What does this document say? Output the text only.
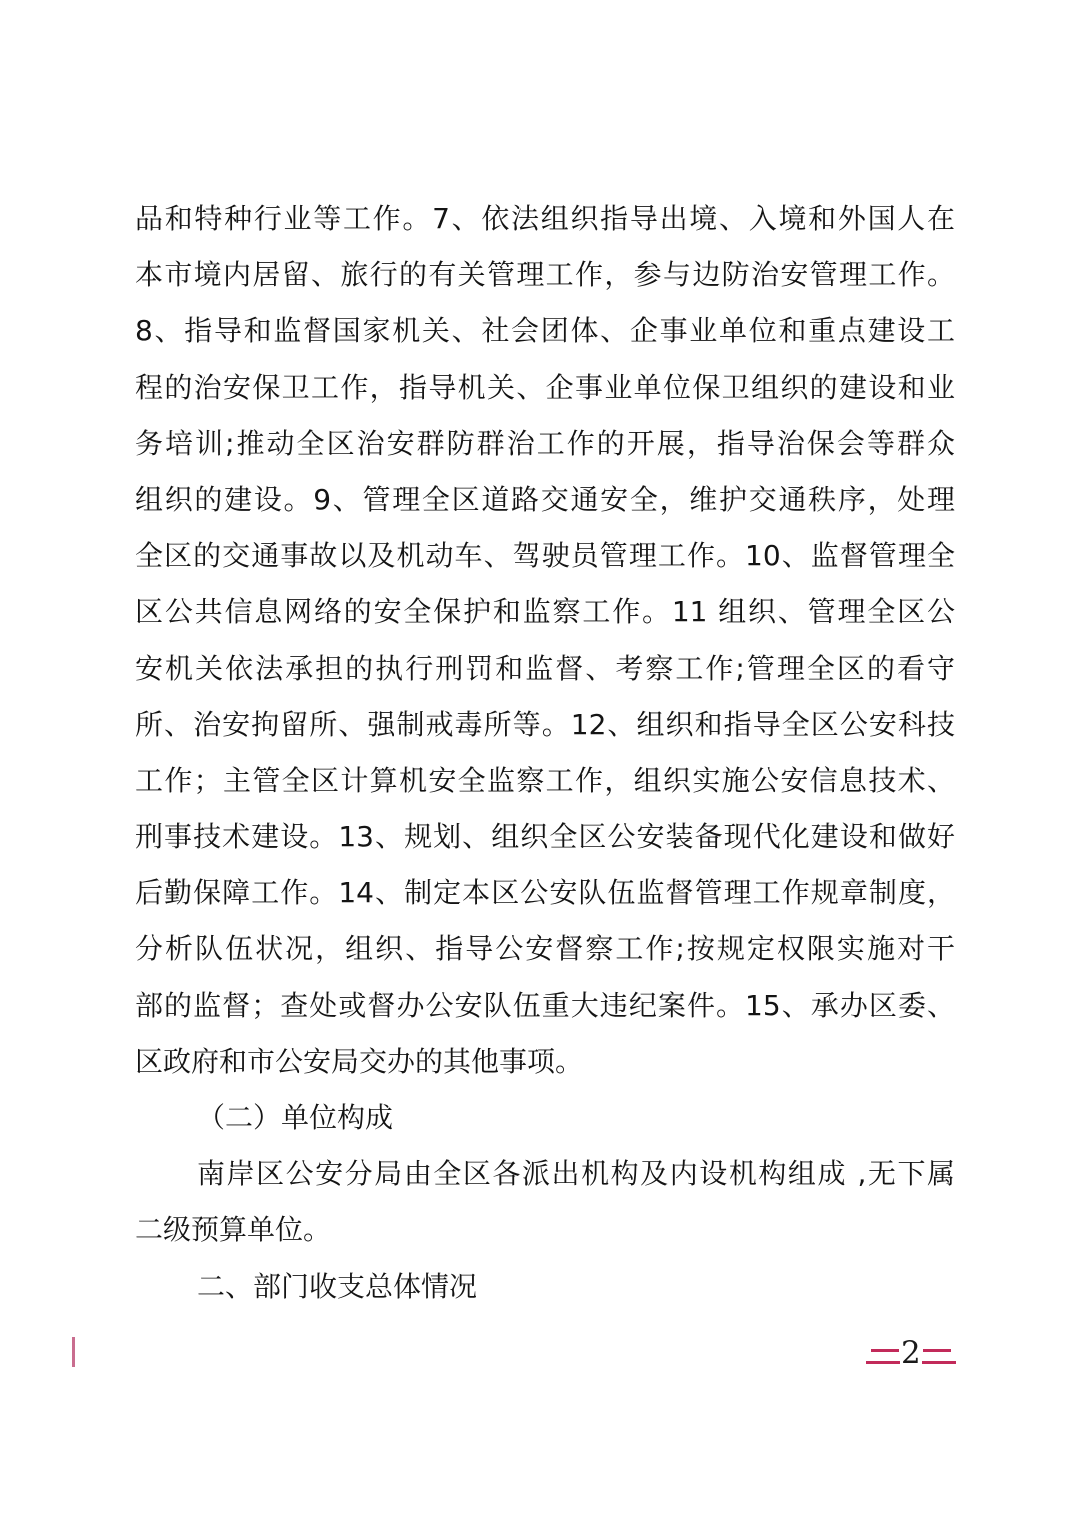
品和特种行业等工作。7、依法组织指导出境、入境和外国人在
本市境内居留、旅行的有关管理工作，参与边防治安管理工作。
8、指导和监督国家机关、社会团体、企事业单位和重点建设工
程的治安保卫工作，指导机关、企事业单位保卫组织的建设和业
务培训;推动全区治安群防群治工作的开展，指导治保会等群众
组织的建设。9、管理全区道路交通安全，维护交通秩序，处理
全区的交通事故以及机动车、驾驶员管理工作。10、监督管理全
区公共信息网络的安全保护和监察工作。11 组织、管理全区公
安机关依法承担的执行刑罚和监督、考察工作;管理全区的看守
所、治安拘留所、强制戒毒所等。12、组织和指导全区公安科技
工作；主管全区计算机安全监察工作，组织实施公安信息技术、
刑事技术建设。13、规划、组织全区公安装备现代化建设和做好
后勤保障工作。14、制定本区公安队伍监督管理工作规章制度，
分析队伍状况，组织、指导公安督察工作;按规定权限实施对干
部的监督；查处或督办公安队伍重大违纪案件。15、承办区委、
区政府和市公安局交办的其他事项。
（二）单位构成
南岸区公安分局由全区各派出机构及内设机构组成 ,无下属
二级预算单位。
二、部门收支总体情况
2
